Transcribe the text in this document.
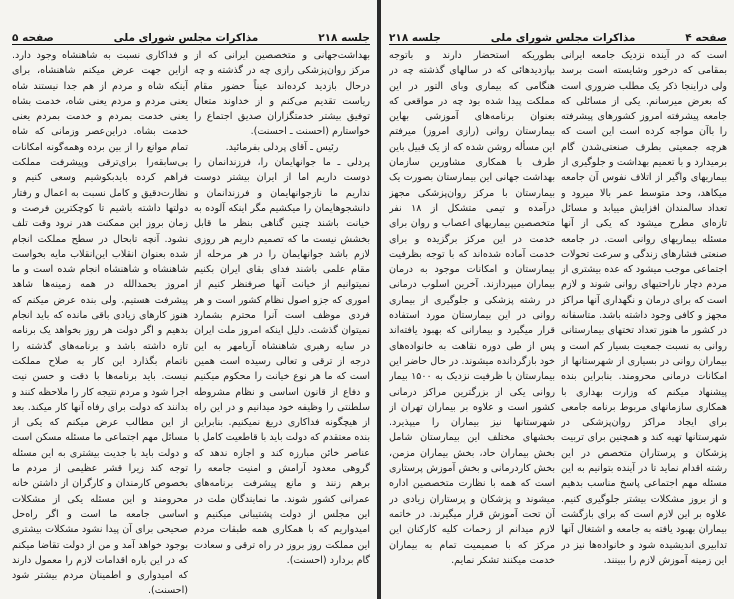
جلسه ۲۱۸
مذاکرات مجلس شورای ملی
صفحه ۵

بهداشت‌جهانی و متخصصین ایرانی که از مرکز روان‌پزشکی رازی چه در گذشته و چه درحال بازدید کرده‌اند عیناً حضور مقام ریاست تقدیم می‌کنم و از خداوند متعال توفیق بیشتر خدمتگزاران صدیق اجتماع را خواستارم (احسنت ـ احسنت).

رئیس ـ آقای پردلی بفرمائید.

پردلی ـ ما جوانهایمان را، فرزندانمان را دوست داریم اما از ایران بیشتر دوست نداریم ما نازجوانهایمان و فرزندانمان و دانشجوهایمان را میکشیم مگر اینکه آلوده به خیانت باشند چنین گناهی بنظر ما قابل بخشش نیست ما که تصمیم داریم هر روزی لازم باشد جوانهایمان را در هر مرحله از مقام علمی باشند فدای بقای ایران بکنیم نمیتوانیم از خیانت آنها صرفنظر کنیم از اموری که جزو اصول نظام کشور است و هر فردی موظف است آنرا محترم بشمارد نمیتوان گذشت. دلیل اینکه امروز ملت ایران در سایه رهبری شاهنشاه آریامهر به این درجه از ترقی و تعالی رسیده است همین است که ما هر نوع خیانت را محکوم میکنیم و دفاع از قانون اساسی و نظام مشروطه سلطنتی را وظیفه خود میدانیم و در این راه از هیچگونه فداکاری دریغ نمیکنیم. بنابراین بنده معتقدم که دولت باید با قاطعیت کامل با عناصر خائن مبارزه کند و اجازه ندهد که گروهی معدود آرامش و امنیت جامعه را برهم زنند و مانع پیشرفت برنامه‌های عمرانی کشور شوند. ما نمایندگان ملت در این مجلس از دولت پشتیبانی میکنیم و امیدواریم که با همکاری همه طبقات مردم این مملکت روز بروز در راه ترقی و سعادت گام بردارد (احسنت).

و فداکاری نسبت به شاهنشاه وجود دارد. ازاین جهت عرض میکنم شاهنشاه، برای آینکه شاه و مردم از هم جدا نیستند شاه یعنی مردم و مردم یعنی شاه، خدمت بشاه یعنی خدمت بمردم و خدمت بمردم یعنی خدمت بشاه. دراین‌عصر وزمانی که شاه تمام موانع را از بین برده وهمه‌گونه امکانات بی‌سابقه‌را برای‌ترقی وپیشرفت مملکت فراهم کرده باید‌بکوشیم وسعی کنیم و نظارت‌دقیق و کامل نسبت به اعمال و رفتار دولتها داشته باشیم تا کوچکترین فرصت و زمان بروز این ممکنت هدر نرود وقت تلف نشود. آنچه تابحال در سطح مملکت انجام شده بعنوان انقلاب این‌انقلاب مایه بخواست شاهنشاه و شاهنشاه انجام شده است و ما امروز بحمدالله در همه زمینه‌ها شاهد پیشرفت هستیم. ولی بنده عرض میکنم که هنوز کارهای زیادی باقی مانده که باید انجام بدهیم و اگر دولت هر روز بخواهد یک برنامه تازه داشته باشد و برنامه‌های گذشته را ناتمام بگذارد این کار به صلاح مملکت نیست. باید برنامه‌ها با دقت و حسن نیت اجرا شود و مردم نتیجه کار را ملاحظه کنند و بدانند که دولت برای رفاه آنها کار میکند. بعد از این مطالب عرض میکنم که یکی از مسائل مهم اجتماعی ما مسئله مسکن است و دولت باید با جدیت بیشتری به این مسئله توجه کند زیرا قشر عظیمی از مردم ما بخصوص کارمندان و کارگران از داشتن خانه محرومند و این مسئله یکی از مشکلات اساسی جامعه ما است و اگر راه‌حل صحیحی برای آن پیدا نشود مشکلات بیشتری بوجود خواهد آمد و من از دولت تقاضا میکنم که در این باره اقدامات لازم را معمول دارند که امیدواری و اطمینان مردم بیشتر شود (احسنت).

صفحه ۴
مذاکرات مجلس شورای ملی
جلسه ۲۱۸

است که در آینده نزدیک جامعه ایرانی بمقامی که درخور وشایسته است برسد ولی دراینجا ذکر یک مطلب ضروری است که بعرض میرسانم. یکی از مسائلی که جامعه پیشرفته امروز کشورهای پیشرفته را باآن مواجه کرده است این است که هرچه جمعیتی بطرف صنعتی‌شدن گام برمیدارد و با تعمیم بهداشت و جلوگیری از بیماریهای واگیر از اتلاف نفوس آن جامعه میکاهد، وحد متوسط عمر بالا میرود و تعداد سالمندان افزایش مییابد و مسائل تازه‌ای مطرح میشود که یکی از آنها مسئله بیماریهای روانی است. در جامعه صنعتی فشارهای زندگی و سرعت تحولات اجتماعی موجب میشود که عده بیشتری از مردم دچار ناراحتیهای روانی شوند و لازم است که برای درمان و نگهداری آنها مراکز مجهز و کافی وجود داشته باشد. متاسفانه در کشور ما هنوز تعداد تختهای بیمارستانی روانی به نسبت جمعیت بسیار کم است و بیماران روانی در بسیاری از شهرستانها از امکانات درمانی محرومند. بنابراین بنده پیشنهاد میکنم که وزارت بهداری با همکاری سازمانهای مربوط برنامه جامعی برای ایجاد مراکز روان‌پزشکی در شهرستانها تهیه کند و همچنین برای تربیت پزشکان و پرستاران متخصص در این رشته اقدام نماید تا در آینده بتوانیم به این مسئله مهم اجتماعی پاسخ مناسب بدهیم و از بروز مشکلات بیشتر جلوگیری کنیم. علاوه بر این لازم است که برای بازگشت بیماران بهبود یافته به جامعه و اشتغال آنها تدابیری اندیشیده شود و خانواده‌ها نیز در این زمینه آموزش لازم را ببینند.

بطوریکه استحضار دارند و باتوجه بپازدیدهائی که در سالهای گذشته چه در هنگامی که بیماری وبای التور در این مملکت پیدا شده بود چه در مواقعی که بعنوان برنامه‌های آموزشی بهاین بیمارستان روانی (رازی امروز) میرفتم این مسأله روشن شده که از یک قبیل باین طرف با همکاری مشاورین سازمان بهداشت جهانی این بیمارستان بصورت یک بیمارستان با مرکز روان‌پزشکی مجهز درآمده و تیمی متشکل از ۱۸ نفر متخصصین بیماریهای اعصاب و روان برای خدمت در این مرکز برگزیده و برای خدمت آماده شده‌اند که با توجه بظرفیت بیمارستان و امکانات موجود به درمان بیماران میپردازند. آخرین اسلوب درمانی در رشته پزشکی و جلوگیری از بیماری روانی در این بیمارستان مورد استفاده قرار میگیرد و بیمارانی که بهبود یافته‌اند پس از طی دوره نقاهت به خانواده‌های خود بازگردانده میشوند. در حال حاضر این بیمارستان با ظرفیت نزدیک به ۱۵۰۰ بیمار روانی یکی از بزرگترین مراکز درمانی کشور است و علاوه بر بیماران تهران از شهرستانها نیز بیماران را میپذیرد. بخشهای مختلف این بیمارستان شامل بخش بیماران حاد، بخش بیماران مزمن، بخش کاردرمانی و بخش آموزش پرستاری است که همه با نظارت متخصصین اداره میشوند و پزشکان و پرستاران زیادی در آن تحت آموزش قرار میگیرند. در خاتمه لازم میدانم از زحمات کلیه کارکنان این مرکز که با صمیمیت تمام به بیماران خدمت میکنند تشکر نمایم.
